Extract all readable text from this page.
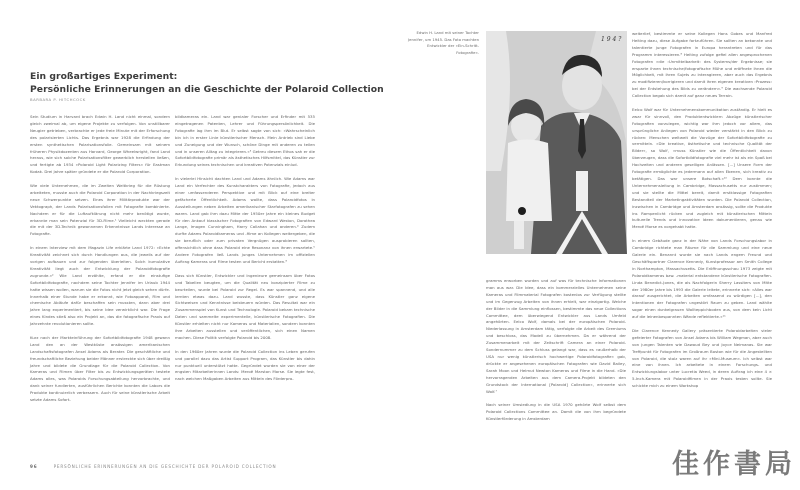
Ein großartiges Experiment:
Persönliche Erinnerungen an die Geschichte der Polaroid Collection
BARBARA P. HITCHCOCK

Sein Studium in Harvard brach Edwin H. Land nicht einmal, sondern gleich zweimal ab, um eigene Projekte zu verfolgen. Von unstillbarer Neugier getrieben, verbrachte er jede freie Minute mit der Erforschung des polarisierten Lichts. Das Ergebnis war 1928 die Erfindung der ersten synthetischen Polarisationsfolie. Gemeinsam mit seinem früheren Physikdozenten aus Harvard, George Wheelwright, fand Land heraus, wie sich solche Polarisationsfilter gewerblich herstellen ließen, und fertigte ab 1934 »Polaroid Light Polarizing Filters« für Eastman Kodak. Drei Jahre später gründete er die Polaroid Corporation.

Wie viele Unternehmen, die im Zweiten Weltkrieg für die Rüstung arbeiteten, musste auch die Polaroid Corporation in der Nachkriegszeit neue Schwerpunkte setzen. Eines ihrer Militärprodukte war der Vektograph, der Lands Polarisationsfolien mit Fotografie kombinierte. Nachdem er für die Luftaufklärung nicht mehr benötigt wurde, erkannte man sein Potenzial für 3D-Filme.¹ Vielleicht weckten gerade die mit der 3D-Technik gewonnenen Erkenntnisse Lands Interesse an Fotografie.

In einem Interview mit dem Magazin Life erklärte Land 1972: »Echte Kreativität zeichnet sich durch Handlungen aus, die jeweils auf der vorigen aufbauen und zur folgenden überleiten. Solch kumulative Kreativität liegt auch der Entwicklung der Polaroidfotografie zugrunde.«² Wie Land erzählte, erfand er die einstufige Sofortbildfotografie, nachdem seine Tochter Jennifer im Urlaub 1944 hatte wissen wollen, warum sie die Fotos nicht jetzt gleich sehen dürfe. Innerhalb einer Stunde habe er erkannt, wie Fotoapparat, Film und chemische Abläufe dafür beschaffen sein mussten, dann aber drei Jahre lang experimentiert, bis seine Idee verwirklicht war. Die Frage eines Kindes stieß also ein Projekt an, das die fotografische Praxis auf Jahrzehnte revolutionieren sollte.

Kurz nach der Markteinführung der Sofortbildfotografie 1948 gewann Land den an der Westküste ansässigen amerikanischen Landschaftsfotografen Ansel Adams als Berater. Die geschäftliche und freundschaftliche Beziehung beider Männer erstreckte sich über dreißig Jahre und bildete die Grundlage für die Polaroid Collection. Von Kameras und Filmen über Filter bis zu Entwicklungsgeräten testete Adams alles, was Polaroids Forschungsabteilung hervorbrachte, und dank seiner fundierten, ausführlichen Berichte konnten die Labors die Produkte kontinuierlich verbessern. Auch für seine künstlerische Arbeit setzte Adams Sofort-

bildkameras ein. Land war genialer Forscher und Erfinder mit 535 eingetragenen Patenten, Lehrer und Führungspersönlichkeit. Die Fotografie lag ihm im Blut. Er selbst sagte von sich: »Wahrscheinlich bin ich in erster Linie künstlerischer Mensch. Mein Antrieb sind Liebe und Zuneigung und der Wunsch, schöne Dinge mit anderen zu teilen und in unseren Alltag zu integrieren.«³ Getreu diesem Ethos sah er die Sofortbildfotografie primär als ästhetisches Hilfsmittel, das Künstler zur Erkundung seines technischen und kreativen Potenzials einlud.

In vielerlei Hinsicht dachten Land und Adams ähnlich. Wie Adams war Land ein Verfechter des Kunstcharakters von Fotografie, jedoch aus einer umfassenderen Perspektive und mit Blick auf eine breiter gefächerte Öffentlichkeit. Adams wollte, dass Polaroidfotos in Ausstellungen neben Arbeiten amerikanischer Starfotografen zu sehen waren. Land gab ihm dazu Mitte der 1950er Jahre ein kleines Budget für den Ankauf klassischer Fotografien von Edward Weston, Dorothea Lange, Imogen Cunningham, Harry Callahan und anderen.⁴ Zudem durfte Adams Polaroidkameras und -filme an Kollegen weitergeben, die sie beruflich oder zum privaten Vergnügen ausprobieren sollten, offensichtlich ohne dass Polaroid eine Resonanz von ihnen erwartete.⁵ Andere Fotografen ließ Lands junges Unternehmen im offiziellen Auftrag Kameras und Filme testen und Bericht erstatten.⁶

Dass sich Künstler, Entwickler und Ingenieure gemeinsam über Fotos und Tabellen beugten, um die Qualität neu konzipierter Filme zu beurteilen, wurde bei Polaroid zur Regel. Es war spannend, und alle lernten etwas dazu. Land wusste, dass Künstler ganz eigene Sichtweisen und Kenntnisse beisteuern würden. Das Resultat war ein Zusammenspiel von Kunst und Technologie. Polaroid bekam technische Daten und sammelte experimentelle, künstlerische Fotografien. Die Künstler erhielten nicht nur Kameras und Materialien, sondern konnten ihre Arbeiten ausstellen und veröffentlichen, sich einen Namen machen. Diese Politik verfolgte Polaroid bis 2008.

In den 1960er Jahren wurde die Polaroid Collection ins Leben gerufen und parallel dazu das Artist Support Program, das Künstler bis dahin nur punktuell unterstützt hatte. Gegründet wurden sie von einer der engsten Mitarbeiterinnen Lands: Meroë Marston Morse. Sie legte fest, nach welchen Maßgaben Arbeiten aus Mitteln des Förderpro-

Edwin H. Land mit seiner Tochter Jennifer, um 1945. Das Foto machten Entwickler der »Ein-Schritt-Fotografie«.
1 9 4 ?

gramms erworben wurden und auf was für technische Informationen man aus war. Die Idee, dass ein kommerzielles Unternehmen seine Kameras und Filmmaterial Fotografen kostenlos zur Verfügung stellte und im Gegenzug Arbeiten von ihnen erhielt, war einzigartig. Welche der Bilder in die Sammlung einflossen, bestimmte das neue Collections Committee, dem überwiegend Entwickler aus Lands Umfeld angehörten. Eelco Wolf, damals bei der europäischen Polaroid-Niederlassung in Amsterdam tätig, verfolgte die Arbeit des Gremiums und beschloss, das Modell zu übernehmen. Da er während der Zusammenarbeit mit der Zeitschrift Camera an einer Polaroid-Sondernummer zu dem Schluss gelangt war, dass es »außerhalb der USA nur wenig künstlerisch hochwertige Polaroidfotografie« gab, drückte er angesehenen europäischen Fotografen wie David Bailey, Sarah Moon und Helmut Newton Kameras und Filme in die Hand. »Die hervorragenden Arbeiten aus dem Camera-Projekt bildeten den Grundstock der International [Polaroid] Collection«, erinnerte sich Wolf.⁷

Nach seiner Umsiedlung in die USA 1970 gehörte Wolf selbst dem Polaroid Collections Committee an. Damit die von ihm begründete Künstlerförderung in Amsterdam

weiterlief, bestimmte er seine Kollegen Hans Gobes und Manfred Heiting dazu, diese Aufgabe fortzuführen. Sie sollten an bekannte und talentierte junge Fotografen in Europa herantreten und für das Programm interessieren.⁸ Heiting zufolge gefiel allen angesprochenen Fotografen »die ›Unmittelbarkeit‹ des Systems/der Ergebnisse; sie ersparte ihnen technische/fotografische Mühe und eröffnete ihnen die Möglichkeit, mit ihren Sujets zu interagieren, aber auch das Ergebnis zu modifizieren/korrigieren und damit ihren eigenen kreativen ›Prozess‹ bei der Entstehung des Bilds zu verändern«.⁹ Die wachsende Polaroid Collection begab sich damit auf ganz neues Terrain.

Eelco Wolf war für Unternehmenskommunikation zuständig. Er hielt es zwar für sinnvoll, den Produktentwicklern Abzüge künstlerischer Fotografien vorzulegen, wichtig war ihm jedoch vor allem, das ursprüngliche Anliegen von Polaroid wieder verstärkt in den Blick zu rücken: Menschen weltweit die Vorzüge der Sofortbildfotografie zu vermitteln. »Die kreative, ästhetische und technische Qualität der Bilder«, so Wolf, »muss Künstler wie die Öffentlichkeit davon überzeugen, dass die Sofortbildfotografie viel mehr ist als ein Spaß bei Hochzeiten und anderen geselligen Anlässen. […] Unsere Form der Fotografie ermöglichte es jedermann auf allen Ebenen, sich kreativ zu betätigen. Das war unsere Botschaft.«¹⁰ Dem konnte die Unternehmensleitung in Cambridge, Massachusetts nur zustimmen; und sie stellte die Mittel bereit, damit erstklassige Fotografien Bestandteil der Marketingaktivitäten wurden. Die Polaroid Collection, inzwischen in Cambridge und Amsterdam ansässig, sollte die Produkte ins Rampenlicht rücken und zugleich mit künstlerischen Mitteln kulturelle Trends und innovative Ideen dokumentieren, genau wie Meroë Morse es vorgehabt hatte.

In einem Gebäude ganz in der Nähe von Lands Forschungslabor in Cambridge richtete man Räume für die Sammlung und eine neue Galerie ein. Benannt wurde sie nach Lands engem Freund und Geschäftspartner Clarence Kennedy, Kunstprofessor am Smith College in Northampton, Massachusetts. Die Eröffnungsschau 1973 zeigte mit Polaroidkameras bzw. -material entstandene künstlerische Fotografien. Linda Benedict-Jones, die als Nachfolgerin Sherry Lassiters von Mitte der 1980er Jahre bis 1993 die Galerie leitete, erinnerte sich: »Alles war darauf ausgerichtet, die Arbeiten umfassend zu würdigen […], den Intentionen der Fotografen ungestört Raum zu geben. Land wählte sogar einen dunkelgrauen Wollteppichboden aus, von dem kein Licht auf die leinenbespannten Wände reflektierte.«¹¹

Die Clarence Kennedy Gallery präsentierte Polaroidarbeiten vieler gefeierter Fotografen von Ansel Adams bis William Wegman, aber auch von jungen Talenten wie Dawoud Bey und Joyce Neimanas. Sie war Treffpunkt für Fotografen im Großraum Boston wie für die Angestellten von Polaroid, die stolz waren auf ihr »Mini-Museum«. Ich selbst war eine von ihnen. Ich arbeitete in einem Forschungs- und Entwicklungslabor unter Lucretia Weed, in deren Auftrag ich eine 4 × 5-Inch-Kamera mit Polaroidfilmen in der Praxis testen sollte. Sie schickte mich zu einem Workshop

96	PERSÖNLICHE ERINNERUNGEN AN DIE GESCHICHTE DER POLAROID COLLECTION	佳作書局
